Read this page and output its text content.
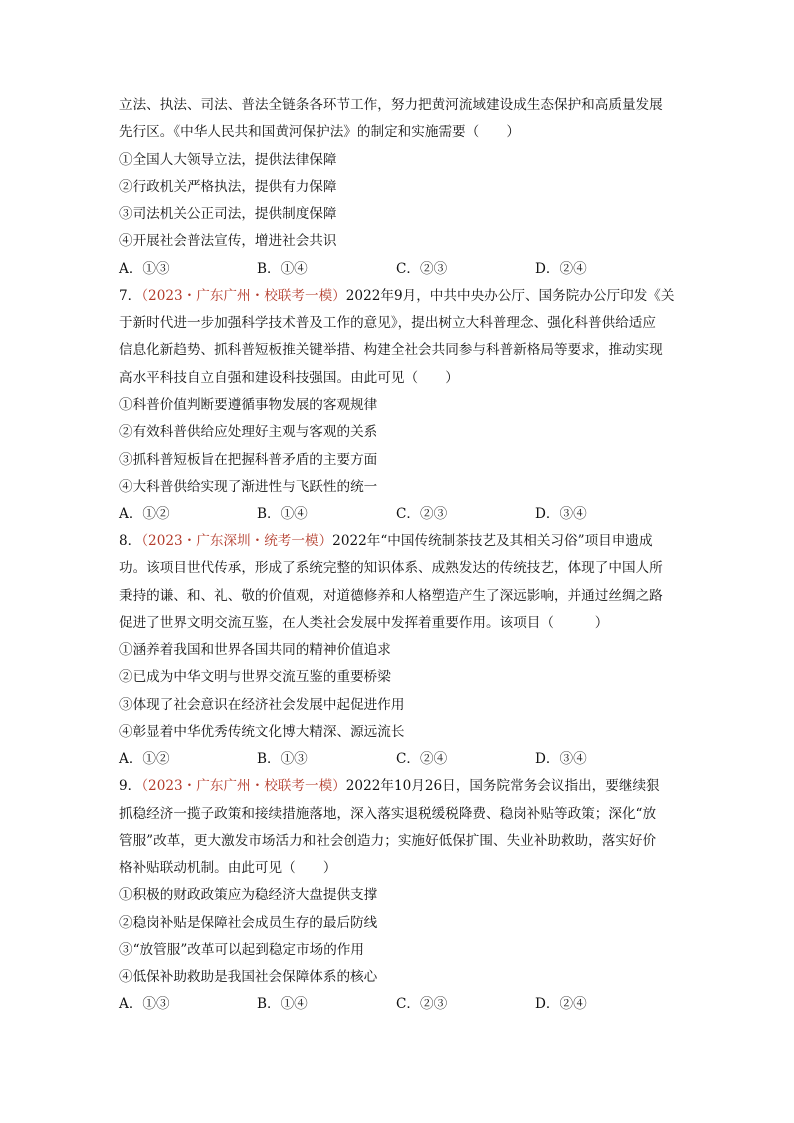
立法、执法、司法、普法全链条各环节工作，努力把黄河流域建设成生态保护和高质量发展
先行区。《中华人民共和国黄河保护法》的制定和实施需要（　　）
①全国人大领导立法，提供法律保障
②行政机关严格执法，提供有力保障
③司法机关公正司法，提供制度保障
④开展社会普法宣传，增进社会共识
A．①③	B．①④	C．②③	D．②④
7．（2023・广东广州・校联考一模）2022年9月，中共中央办公厅、国务院办公厅印发《关
于新时代进一步加强科学技术普及工作的意见》，提出树立大科普理念、强化科普供给适应
信息化新趋势、抓科普短板推关键举措、构建全社会共同参与科普新格局等要求，推动实现
高水平科技自立自强和建设科技强国。由此可见（　　）
①科普价值判断要遵循事物发展的客观规律
②有效科普供给应处理好主观与客观的关系
③抓科普短板旨在把握科普矛盾的主要方面
④大科普供给实现了渐进性与飞跃性的统一
A．①②	B．①④	C．②③	D．③④
8．（2023・广东深圳・统考一模）2022年“中国传统制茶技艺及其相关习俗”项目申遗成
功。该项目世代传承，形成了系统完整的知识体系、成熟发达的传统技艺，体现了中国人所
秉持的谦、和、礼、敬的价值观，对道德修养和人格塑造产生了深远影响，并通过丝绸之路
促进了世界文明交流互鉴，在人类社会发展中发挥着重要作用。该项目（　　　）
①涵养着我国和世界各国共同的精神价值追求
②已成为中华文明与世界交流互鉴的重要桥梁
③体现了社会意识在经济社会发展中起促进作用
④彰显着中华优秀传统文化博大精深、源远流长
A．①②	B．①③	C．②④	D．③④
9．（2023・广东广州・校联考一模）2022年10月26日，国务院常务会议指出，要继续狠
抓稳经济一揽子政策和接续措施落地，深入落实退税缓税降费、稳岗补贴等政策；深化“放
管服”改革，更大激发市场活力和社会创造力；实施好低保扩围、失业补助救助，落实好价
格补贴联动机制。由此可见（　　）
①积极的财政政策应为稳经济大盘提供支撑
②稳岗补贴是保障社会成员生存的最后防线
③“放管服”改革可以起到稳定市场的作用
④低保补助救助是我国社会保障体系的核心
A．①③	B．①④	C．②③	D．②④
